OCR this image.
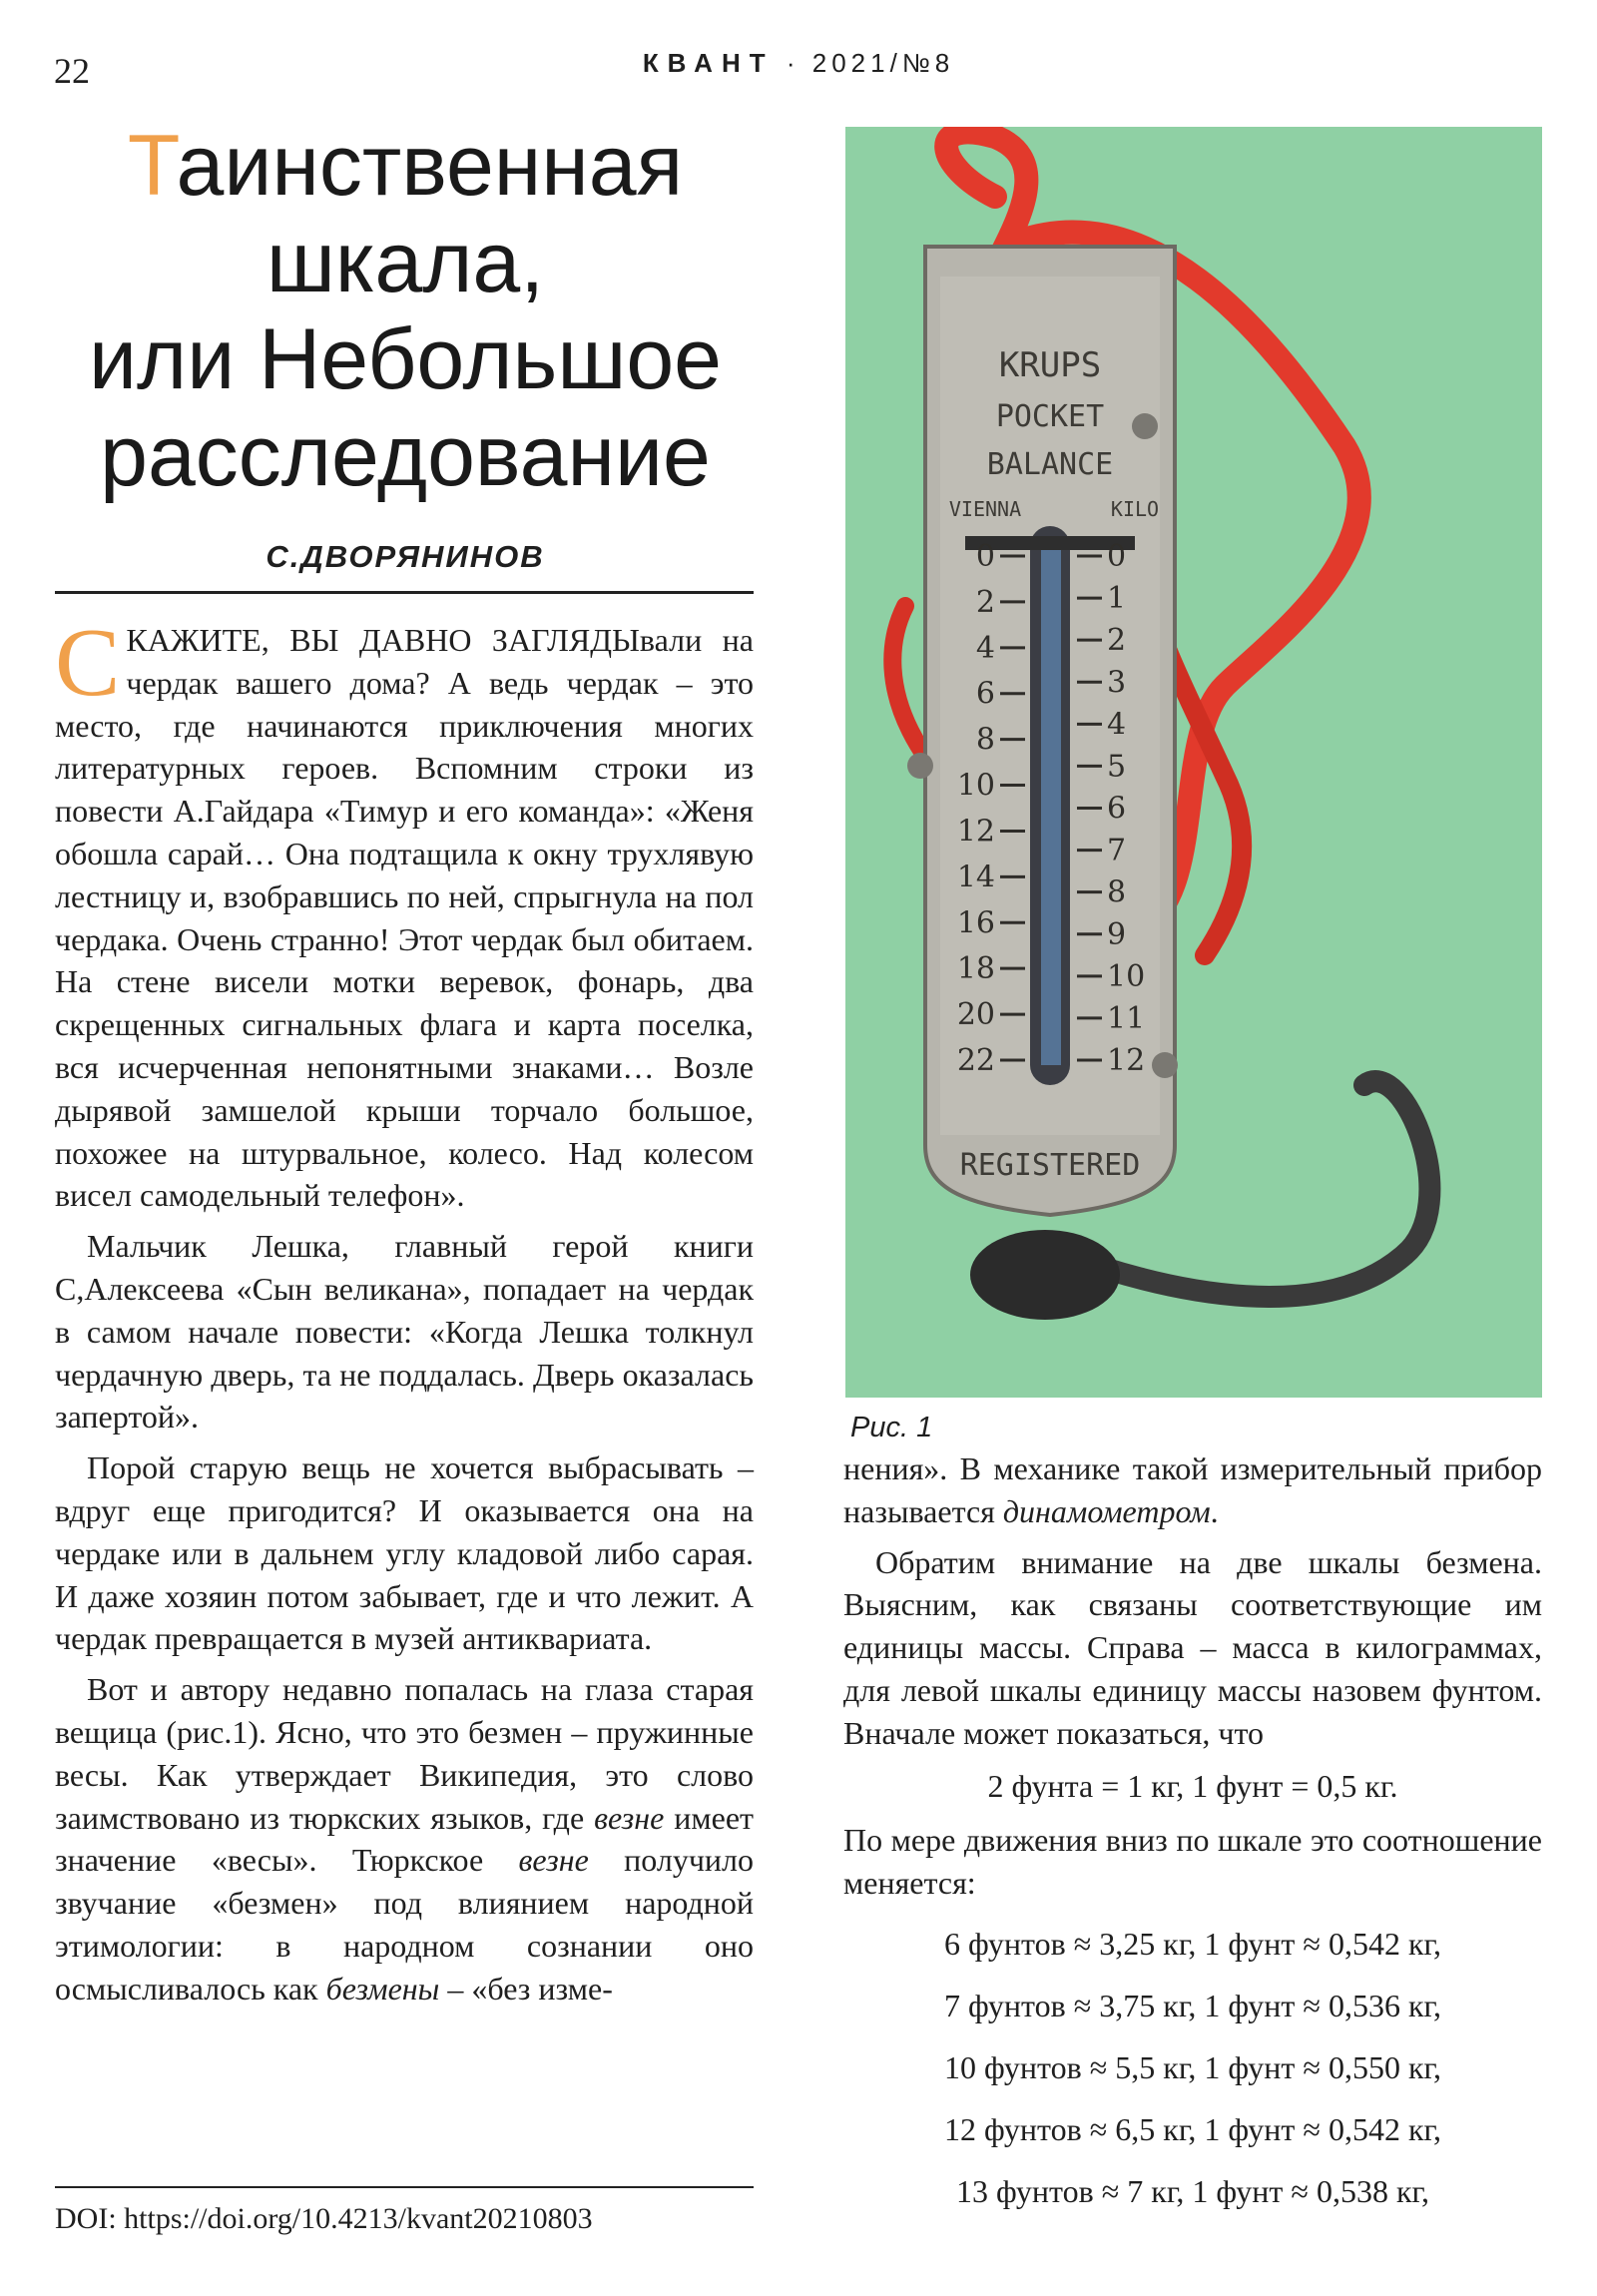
22	КВАНТ · 2021/№8
Таинственная
шкала,
или Небольшое
расследование
С.ДВОРЯНИНОВ

СКАЖИТЕ, ВЫ ДАВНО ЗАГЛЯДЫвали на чердак вашего дома? А ведь чердак – это место, где начинаются приключения многих литературных героев. Вспомним строки из повести А.Гайдара «Тимур и его команда»: «Женя обошла сарай… Она подтащила к окну трухлявую лестницу и, взобравшись по ней, спрыгнула на пол чердака. Очень странно! Этот чердак был обитаем. На стене висели мотки веревок, фонарь, два скрещенных сигнальных флага и карта поселка, вся исчерченная непонятными знаками… Возле дырявой замшелой крыши торчало большое, похожее на штурвальное, колесо. Над колесом висел самодельный телефон».

Мальчик Лешка, главный герой книги С,Алексеева «Сын великана», попадает на чердак в самом начале повести: «Когда Лешка толкнул чердачную дверь, та не поддалась. Дверь оказалась запертой».

Порой старую вещь не хочется выбрасывать – вдруг еще пригодится? И оказывается она на чердаке или в дальнем углу кладовой либо сарая. И даже хозяин потом забывает, где и что лежит. А чердак превращается в музей антиквариата.

Вот и автору недавно попалась на глаза старая вещица (рис.1). Ясно, что это безмен – пружинные весы. Как утверждает Википедия, это слово заимствовано из тюркских языков, где везне имеет значение «весы». Тюркское везне получило звучание «безмен» под влиянием народной этимологии: в народном сознании оно осмысливалось как безмены – «без изме-

DOI: https://doi.org/10.4213/kvant20210803
KRUPS
POCKET
BALANCE
VIENNA	KILO
REGISTERED
0
2
4
6
8
10
12
14
16
18
20
22
0
1
2
3
4
5
6
7
8
9
10
11
12
Рис. 1

нения». В механике такой измерительный прибор называется динамометром.

Обратим внимание на две шкалы безмена. Выясним, как связаны соответствующие им единицы массы. Справа – масса в килограммах, для левой шкалы единицу массы назовем фунтом. Вначале может показаться, что

2 фунта = 1 кг, 1 фунт = 0,5 кг.

По мере движения вниз по шкале это соотношение меняется:

6 фунтов ≈ 3,25 кг, 1 фунт ≈ 0,542 кг,
7 фунтов ≈ 3,75 кг, 1 фунт ≈ 0,536 кг,
10 фунтов ≈ 5,5 кг, 1 фунт ≈ 0,550 кг,
12 фунтов ≈ 6,5 кг, 1 фунт ≈ 0,542 кг,
13 фунтов ≈ 7 кг, 1 фунт ≈ 0,538 кг,
